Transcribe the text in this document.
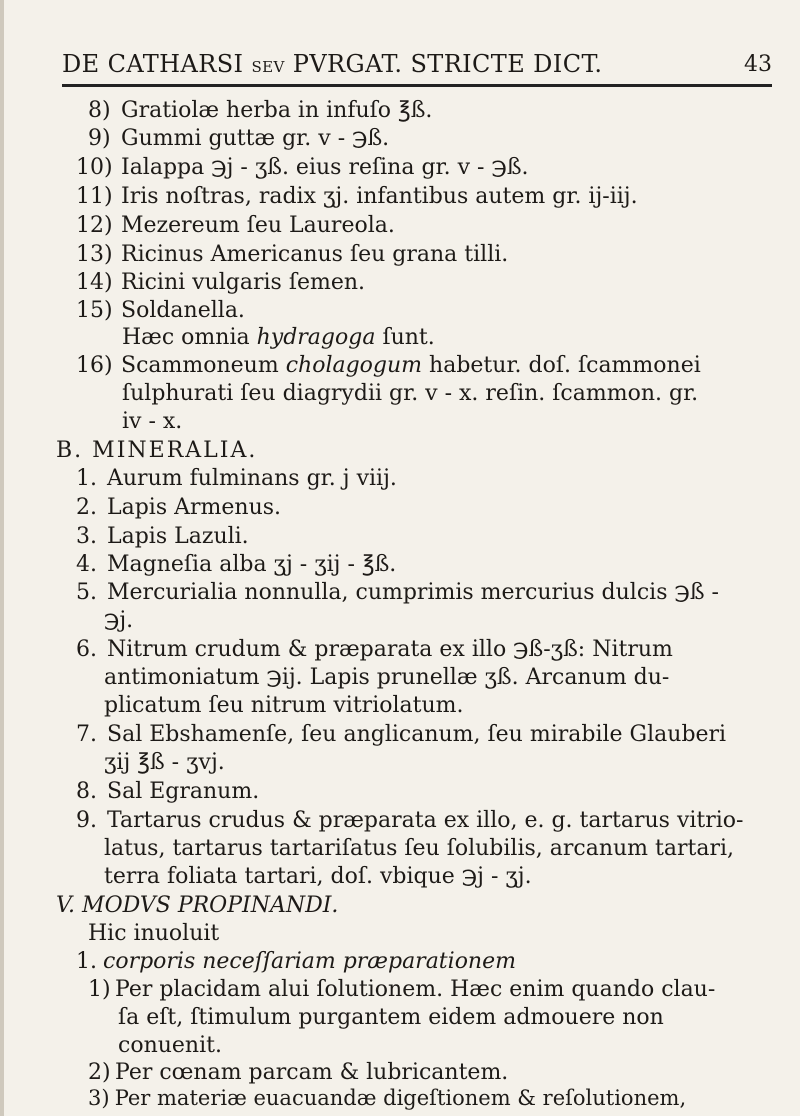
DE CATHARSI SEV PVRGAT. STRICTE DICT.	43
8) Gratiolæ herba in infuſo ℥ß.
9) Gummi guttæ gr. v - ℈ß.
10) Ialappa ℈j - ʒß. eius reſina gr. v - ℈ß.
11) Iris noſtras, radix ʒj. infantibus autem gr. ij-iij.
12) Mezereum ſeu Laureola.
13) Ricinus Americanus ſeu grana tilli.
14) Ricini vulgaris ſemen.
15) Soldanella.
Hæc omnia hydragoga ſunt.
16) Scammoneum cholagogum habetur. doſ. ſcammonei
ſulphurati ſeu diagrydii gr. v - x. reſin. ſcammon. gr.
iv - x.
B. MINERALIA.
1. Aurum fulminans gr. j viij.
2. Lapis Armenus.
3. Lapis Lazuli.
4. Magneſia alba ʒj - ʒij - ℥ß.
5. Mercurialia nonnulla, cumprimis mercurius dulcis ℈ß -
℈j.
6. Nitrum crudum & præparata ex illo ℈ß-ʒß: Nitrum
antimoniatum ℈ij. Lapis prunellæ ʒß. Arcanum du-
plicatum ſeu nitrum vitriolatum.
7. Sal Ebshamenſe, ſeu anglicanum, ſeu mirabile Glauberi
ʒij ℥ß - ʒvj.
8. Sal Egranum.
9. Tartarus crudus & præparata ex illo, e. g. tartarus vitrio-
latus, tartarus tartariſatus ſeu ſolubilis, arcanum tartari,
terra foliata tartari, doſ. vbique ℈j - ʒj.
V. MODVS PROPINANDI.
Hic inuoluit
1. corporis neceſſariam præparationem
1) Per placidam alui ſolutionem. Hæc enim quando clau-
ſa eſt, ſtimulum purgantem eidem admouere non
conuenit.
2) Per cœnam parcam & lubricantem.
3) Per materiæ euacuandæ digeſtionem & reſolutionem,
